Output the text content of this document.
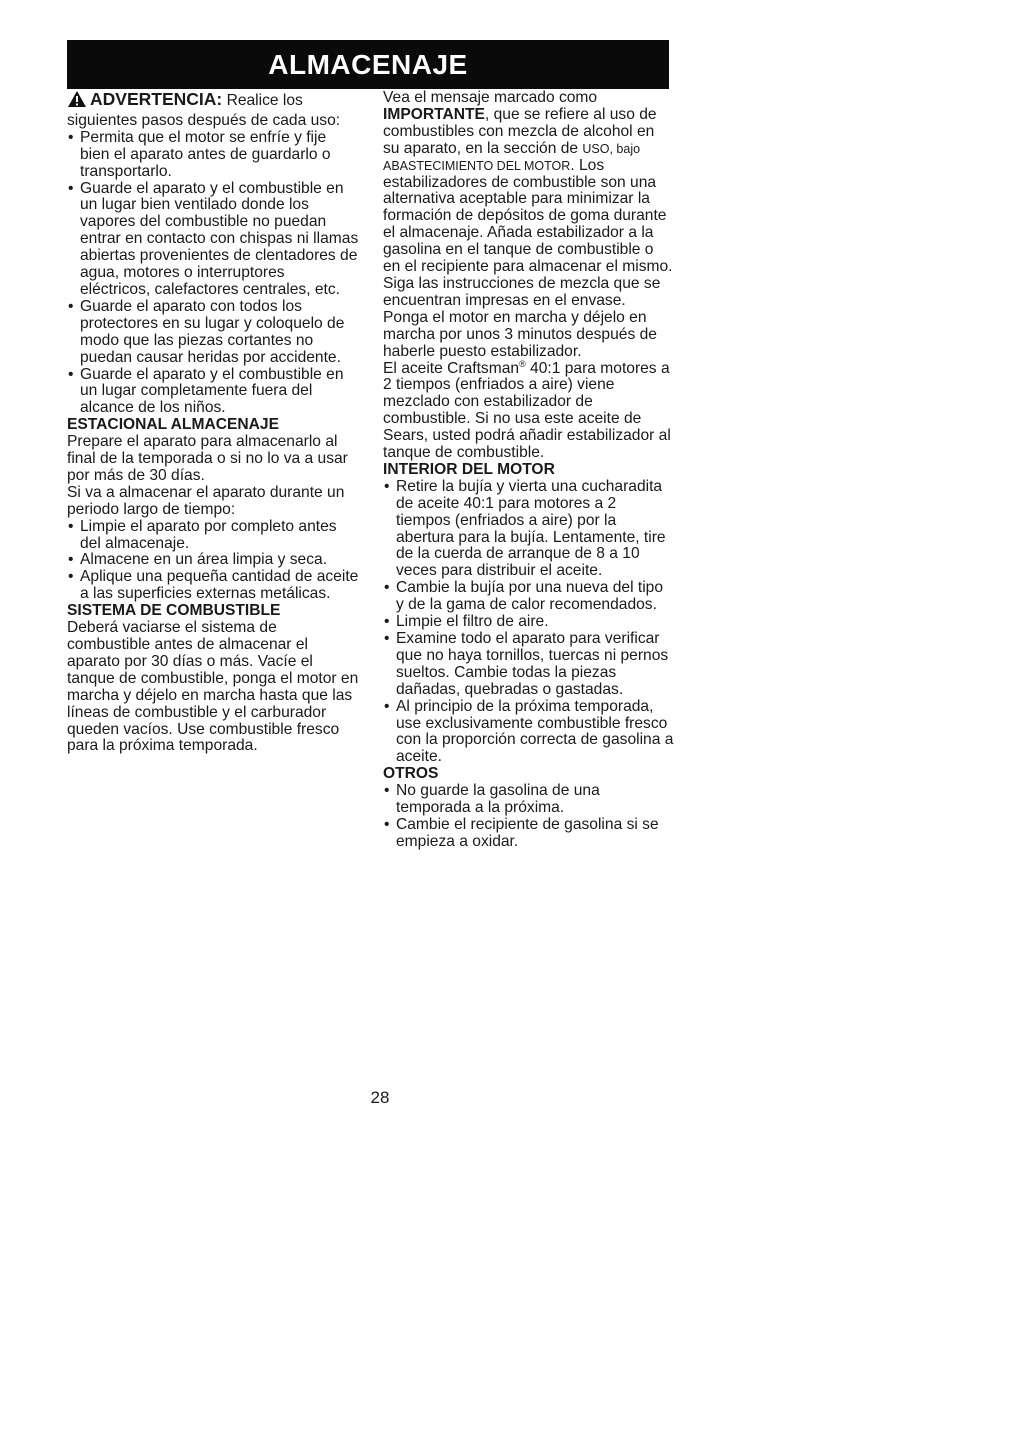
ALMACENAJE

ADVERTENCIA: Realice los siguientes pasos después de cada uso:

• Permita que el motor se enfríe y fije bien el aparato antes de guardarlo o transportarlo.
• Guarde el aparato y el combustible en un lugar bien ventilado donde los vapores del combustible no puedan entrar en contacto con chispas ni llamas abiertas provenientes de clentadores de agua, motores o interruptores eléctricos, calefactores centrales, etc.
• Guarde el aparato con todos los protectores en su lugar y coloquelo de modo que las piezas cortantes no puedan causar heridas por accidente.
• Guarde el aparato y el combustible en un lugar completamente fuera del alcance de los niños.

ESTACIONAL ALMACENAJE

Prepare el aparato para almacenarlo al final de la temporada o si no lo va a usar por más de 30 días.

Si va a almacenar el aparato durante un periodo largo de tiempo:

• Limpie el aparato por completo antes del almacenaje.
• Almacene en un área limpia y seca.
• Aplique una pequeña cantidad de aceite a las superficies externas metálicas.

SISTEMA DE COMBUSTIBLE

Deberá vaciarse el sistema de combustible antes de almacenar el aparato por 30 días o más. Vacíe el tanque de combustible, ponga el motor en marcha y déjelo en marcha hasta que las líneas de combustible y el carburador queden vacíos. Use combustible fresco para la próxima temporada.

Vea el mensaje marcado como IMPORTANTE, que se refiere al uso de combustibles con mezcla de alcohol en su aparato, en la sección de USO, bajo ABASTECIMIENTO DEL MOTOR. Los estabilizadores de combustible son una alternativa aceptable para minimizar la formación de depósitos de goma durante el almacenaje. Añada estabilizador a la gasolina en el tanque de combustible o en el recipiente para almacenar el mismo. Siga las instrucciones de mezcla que se encuentran impresas en el envase. Ponga el motor en marcha y déjelo en marcha por unos 3 minutos después de haberle puesto estabilizador.

El aceite Craftsman® 40:1 para motores a 2 tiempos (enfriados a aire) viene mezclado con estabilizador de combustible. Si no usa este aceite de Sears, usted podrá añadir estabilizador al tanque de combustible.

INTERIOR DEL MOTOR

• Retire la bujía y vierta una cucharadita de aceite 40:1 para motores a 2 tiempos (enfriados a aire) por la abertura para la bujía. Lentamente, tire de la cuerda de arranque de 8 a 10 veces para distribuir el aceite.
• Cambie la bujía por una nueva del tipo y de la gama de calor recomendados.
• Limpie el filtro de aire.
• Examine todo el aparato para verificar que no haya tornillos, tuercas ni pernos sueltos. Cambie todas la piezas dañadas, quebradas o gastadas.
• Al principio de la próxima temporada, use exclusivamente combustible fresco con la proporción correcta de gasolina a aceite.

OTROS

• No guarde la gasolina de una temporada a la próxima.
• Cambie el recipiente de gasolina si se empieza a oxidar.
28
